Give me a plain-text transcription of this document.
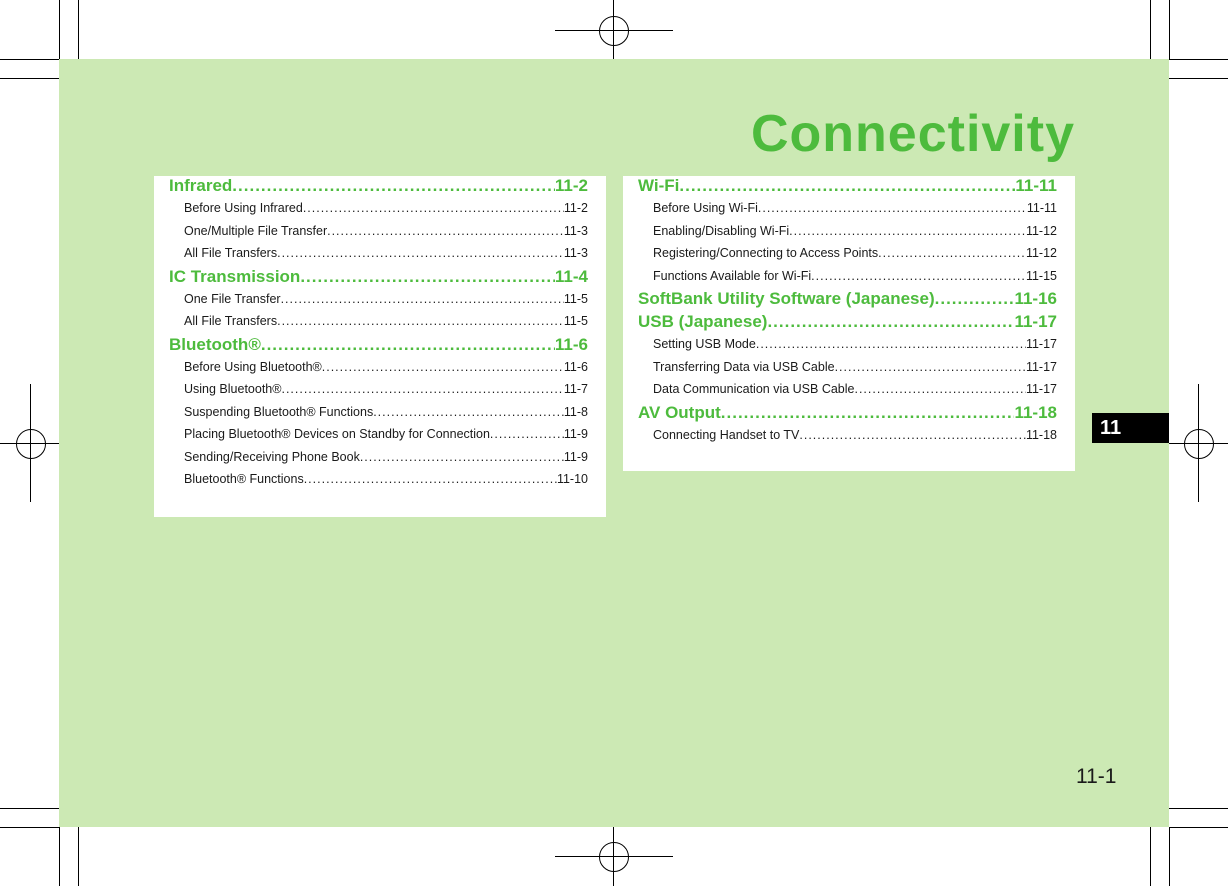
Connectivity
Infrared .....	11-2
Before Using Infrared .....	11-2
One/Multiple File Transfer .....	11-3
All File Transfers .....	11-3
IC Transmission .....	11-4
One File Transfer .....	11-5
All File Transfers .....	11-5
Bluetooth® .....	11-6
Before Using Bluetooth® .....	11-6
Using Bluetooth® .....	11-7
Suspending Bluetooth® Functions .....	11-8
Placing Bluetooth® Devices on Standby for Connection .....	11-9
Sending/Receiving Phone Book .....	11-9
Bluetooth® Functions .....	11-10
Wi-Fi .....	11-11
Before Using Wi-Fi .....	11-11
Enabling/Disabling Wi-Fi .....	11-12
Registering/Connecting to Access Points .....	11-12
Functions Available for Wi-Fi .....	11-15
SoftBank Utility Software (Japanese) .....	11-16
USB (Japanese) .....	11-17
Setting USB Mode .....	11-17
Transferring Data via USB Cable .....	11-17
Data Communication via USB Cable .....	11-17
AV Output .....	11-18
Connecting Handset to TV .....	11-18	11
11-1
